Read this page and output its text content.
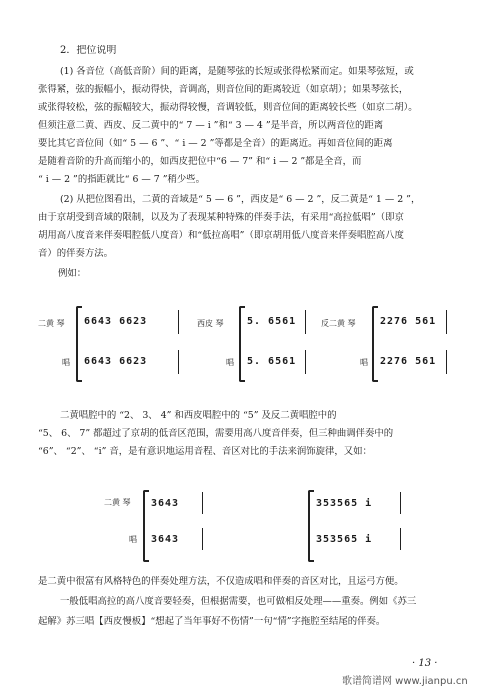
2．把位说明
(1) 各音位（高低音阶）间的距离，是随琴弦的长短或张得松紧而定。如果琴弦短，或
张得紧，弦的振幅小，振动得快，音调高，则音位间的距离较近（如京胡）；如果琴弦长，
或张得较松，弦的振幅较大，振动得较慢，音调较低，则音位间的距离较长些（如京二胡）。
但须注意二黄、西皮、反二黄中的“ 7 — i ”和“ 3 — 4 ”是半音，所以两音位的距离
要比其它音位间（如“ 5 — 6 ”、“ i — 2 ”等都是全音）的距离近。再如音位间的距离
是随着音阶的升高而缩小的，如西皮把位中“6 — 7” 和“ i — 2 ”都是全音，而
“ i — 2 ”的指距就比“ 6 — 7 ”稍少些。
(2) 从把位图看出，二黄的音域是“ 5 — 6 ”，西皮是“ 6 — 2 ”，反二黄是“ 1 — 2 ”，
由于京胡受到音域的限制，以及为了表现某种特殊的伴奏手法，有采用“高拉低唱”（即京
胡用高八度音来伴奏唱腔低八度音）和“低拉高唱”（即京胡用低八度音来伴奏唱腔高八度
音）的伴奏方法。
例如：
二黄 琴
唱
6643 6623
6643 6623
西皮 琴
唱
5. 6561
5. 6561
反二黄 琴
唱
2276 561
2276 561
二黄唱腔中的 “2、 3、 4” 和西皮唱腔中的 “5” 及反二黄唱腔中的
“5、 6、 7” 都超过了京胡的低音区范围，需要用高八度音伴奏，但三种曲调伴奏中的
“6”、 “2”、 “i” 音，是有意识地运用音程、音区对比的手法来润饰旋律，又如：
二黄 琴
唱
3643
3643
353565 i
353565 i
是二黄中很富有风格特色的伴奏处理方法，不仅造成唱和伴奏的音区对比，且运弓方便。
一般低唱高拉的高八度音要轻奏，但根据需要，也可做相反处理——重奏。例如《苏三
起解》苏三唱【西皮慢板】“想起了当年事好不伤情”一句“情”字拖腔至结尾的伴奏。
· 13 ·
歌谱简谱网 www.jianpu.cn
